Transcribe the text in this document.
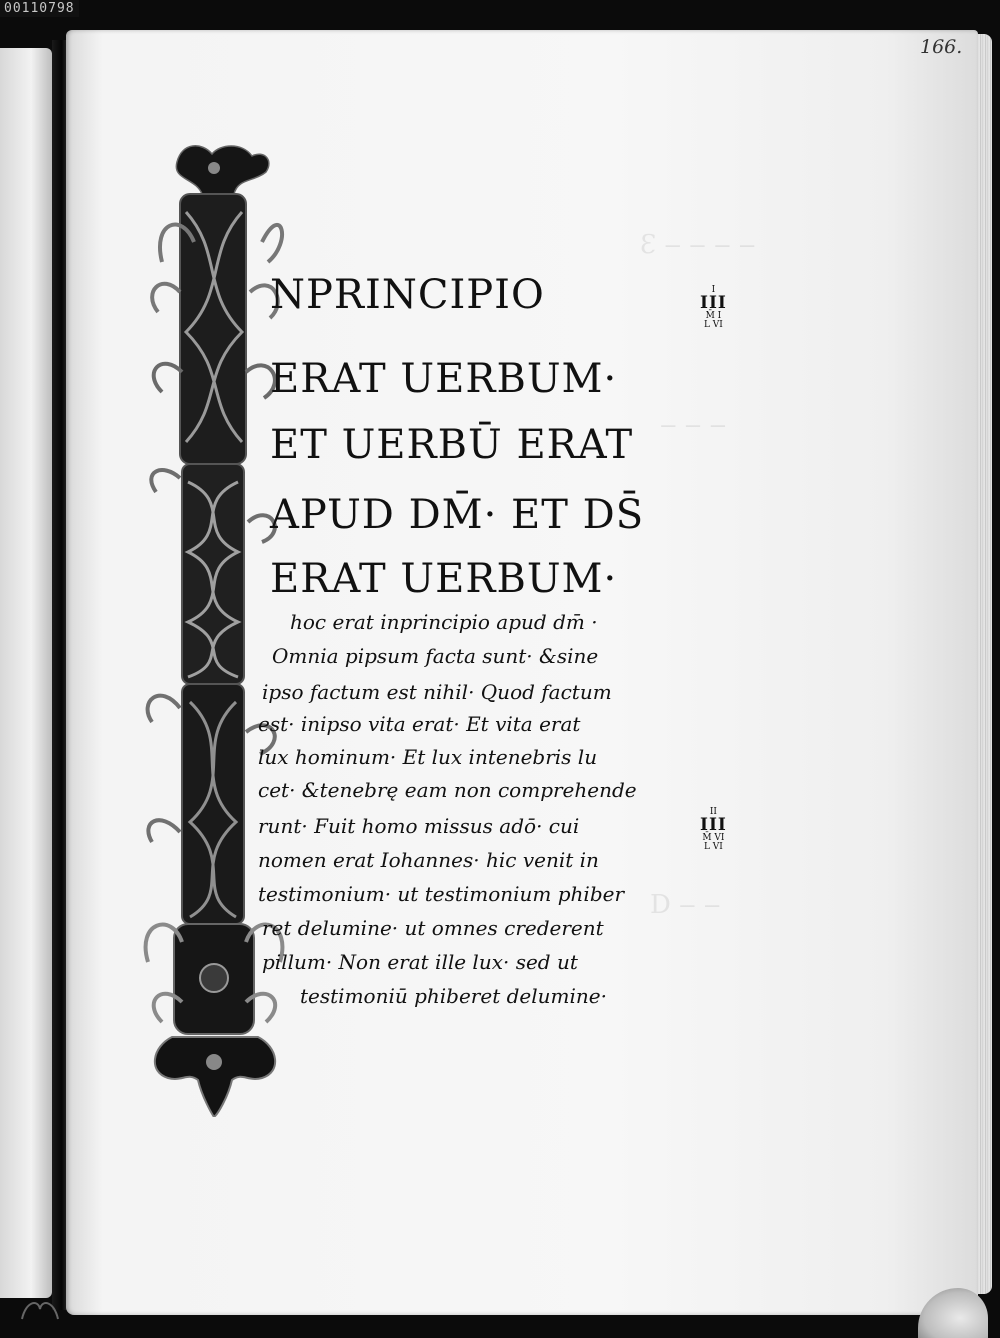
00110798
Ɛ ‒ ‒ ‒ ‒
‒ ‒ ‒
D ‒ ‒
166.
NPRINCIPIO
ERAT UERBUM·
ET UERBŪ ERAT
APUD DM̄· ET DS̄
ERAT UERBUM·
hoc erat inprincipio apud dm̄ ·
Omnia pipsum facta sunt· &sine
ipso factum est nihil· Quod factum
est· inipso vita erat· Et vita erat
lux hominum· Et lux intenebris lu
cet· &tenebrę eam non comprehende
runt· Fuit homo missus adō· cui
nomen erat Iohannes· hic venit in
testimonium· ut testimonium phiber
ret delumine· ut omnes crederent
pillum· Non erat ille lux· sed ut
testimoniū phiberet delumine·
I
III
M̄ I
L VI
II
III
M̄ VI
L VI
